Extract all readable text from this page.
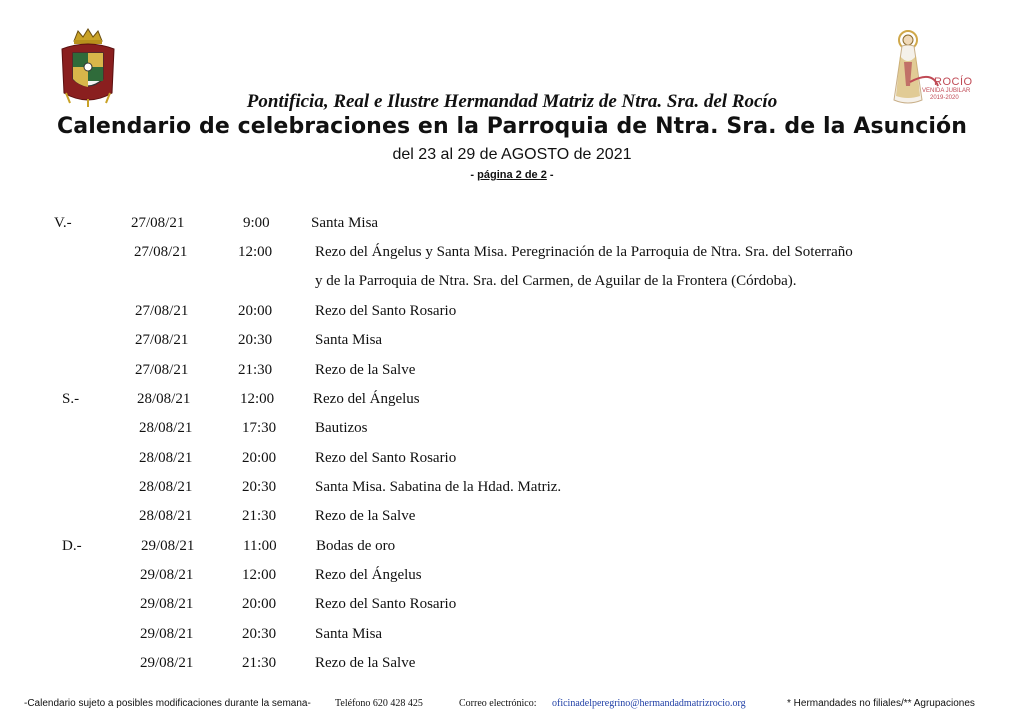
ROCÍO
VENIDA JUBILAR
2019-2020
Pontificia, Real e Ilustre Hermandad Matriz de Ntra. Sra. del Rocío
Calendario de celebraciones en la Parroquia de Ntra. Sra. de la Asunción
del 23 al 29 de AGOSTO de 2021
- página 2 de 2 -
V.-	27/08/21	9:00	Santa Misa
27/08/21	12:00	Rezo del Ángelus y Santa Misa. Peregrinación de la Parroquia de Ntra. Sra. del Soterraño
y de la Parroquia de Ntra. Sra. del Carmen, de Aguilar de la Frontera (Córdoba).
27/08/21	20:00	Rezo del Santo Rosario
27/08/21	20:30	Santa Misa
27/08/21	21:30	Rezo de la Salve
S.-	28/08/21	12:00	Rezo del Ángelus
28/08/21	17:30	Bautizos
28/08/21	20:00	Rezo del Santo Rosario
28/08/21	20:30	Santa Misa. Sabatina de la Hdad. Matriz.
28/08/21	21:30	Rezo de la Salve
D.-	29/08/21	11:00	Bodas de oro
29/08/21	12:00	Rezo del Ángelus
29/08/21	20:00	Rezo del Santo Rosario
29/08/21	20:30	Santa Misa
29/08/21	21:30	Rezo de la Salve
-Calendario sujeto a posibles modificaciones durante la semana- Teléfono 620 428 425	Correo electrónico: oficinadelperegrino@hermandadmatrizrocio.org	* Hermandades no filiales/** Agrupaciones
